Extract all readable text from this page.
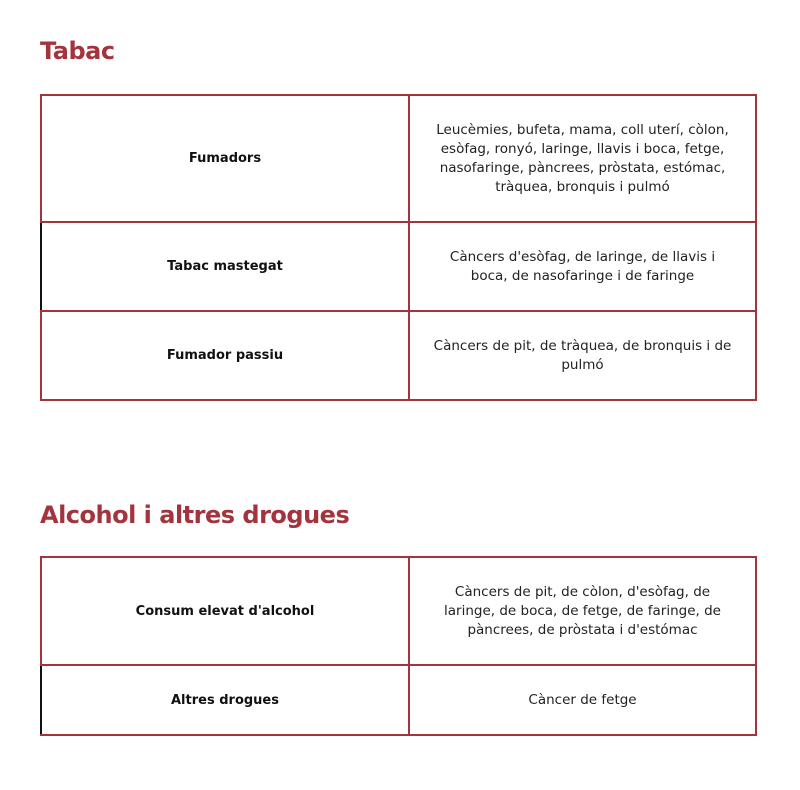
Tabac
Fumadors	Leucèmies, bufeta, mama, coll uterí, còlon, esòfag, ronyó, laringe, llavis i boca, fetge, nasofaringe, pàncrees, pròstata, estómac, tràquea, bronquis i pulmó
Tabac mastegat	Càncers d'esòfag, de laringe, de llavis i boca, de nasofaringe i de faringe
Fumador passiu	Càncers de pit, de tràquea, de bronquis i de pulmó
Alcohol i altres drogues
Consum elevat d'alcohol	Càncers de pit, de còlon, d'esòfag, de laringe, de boca, de fetge, de faringe, de pàncrees, de pròstata i d'estómac
Altres drogues	Càncer de fetge
